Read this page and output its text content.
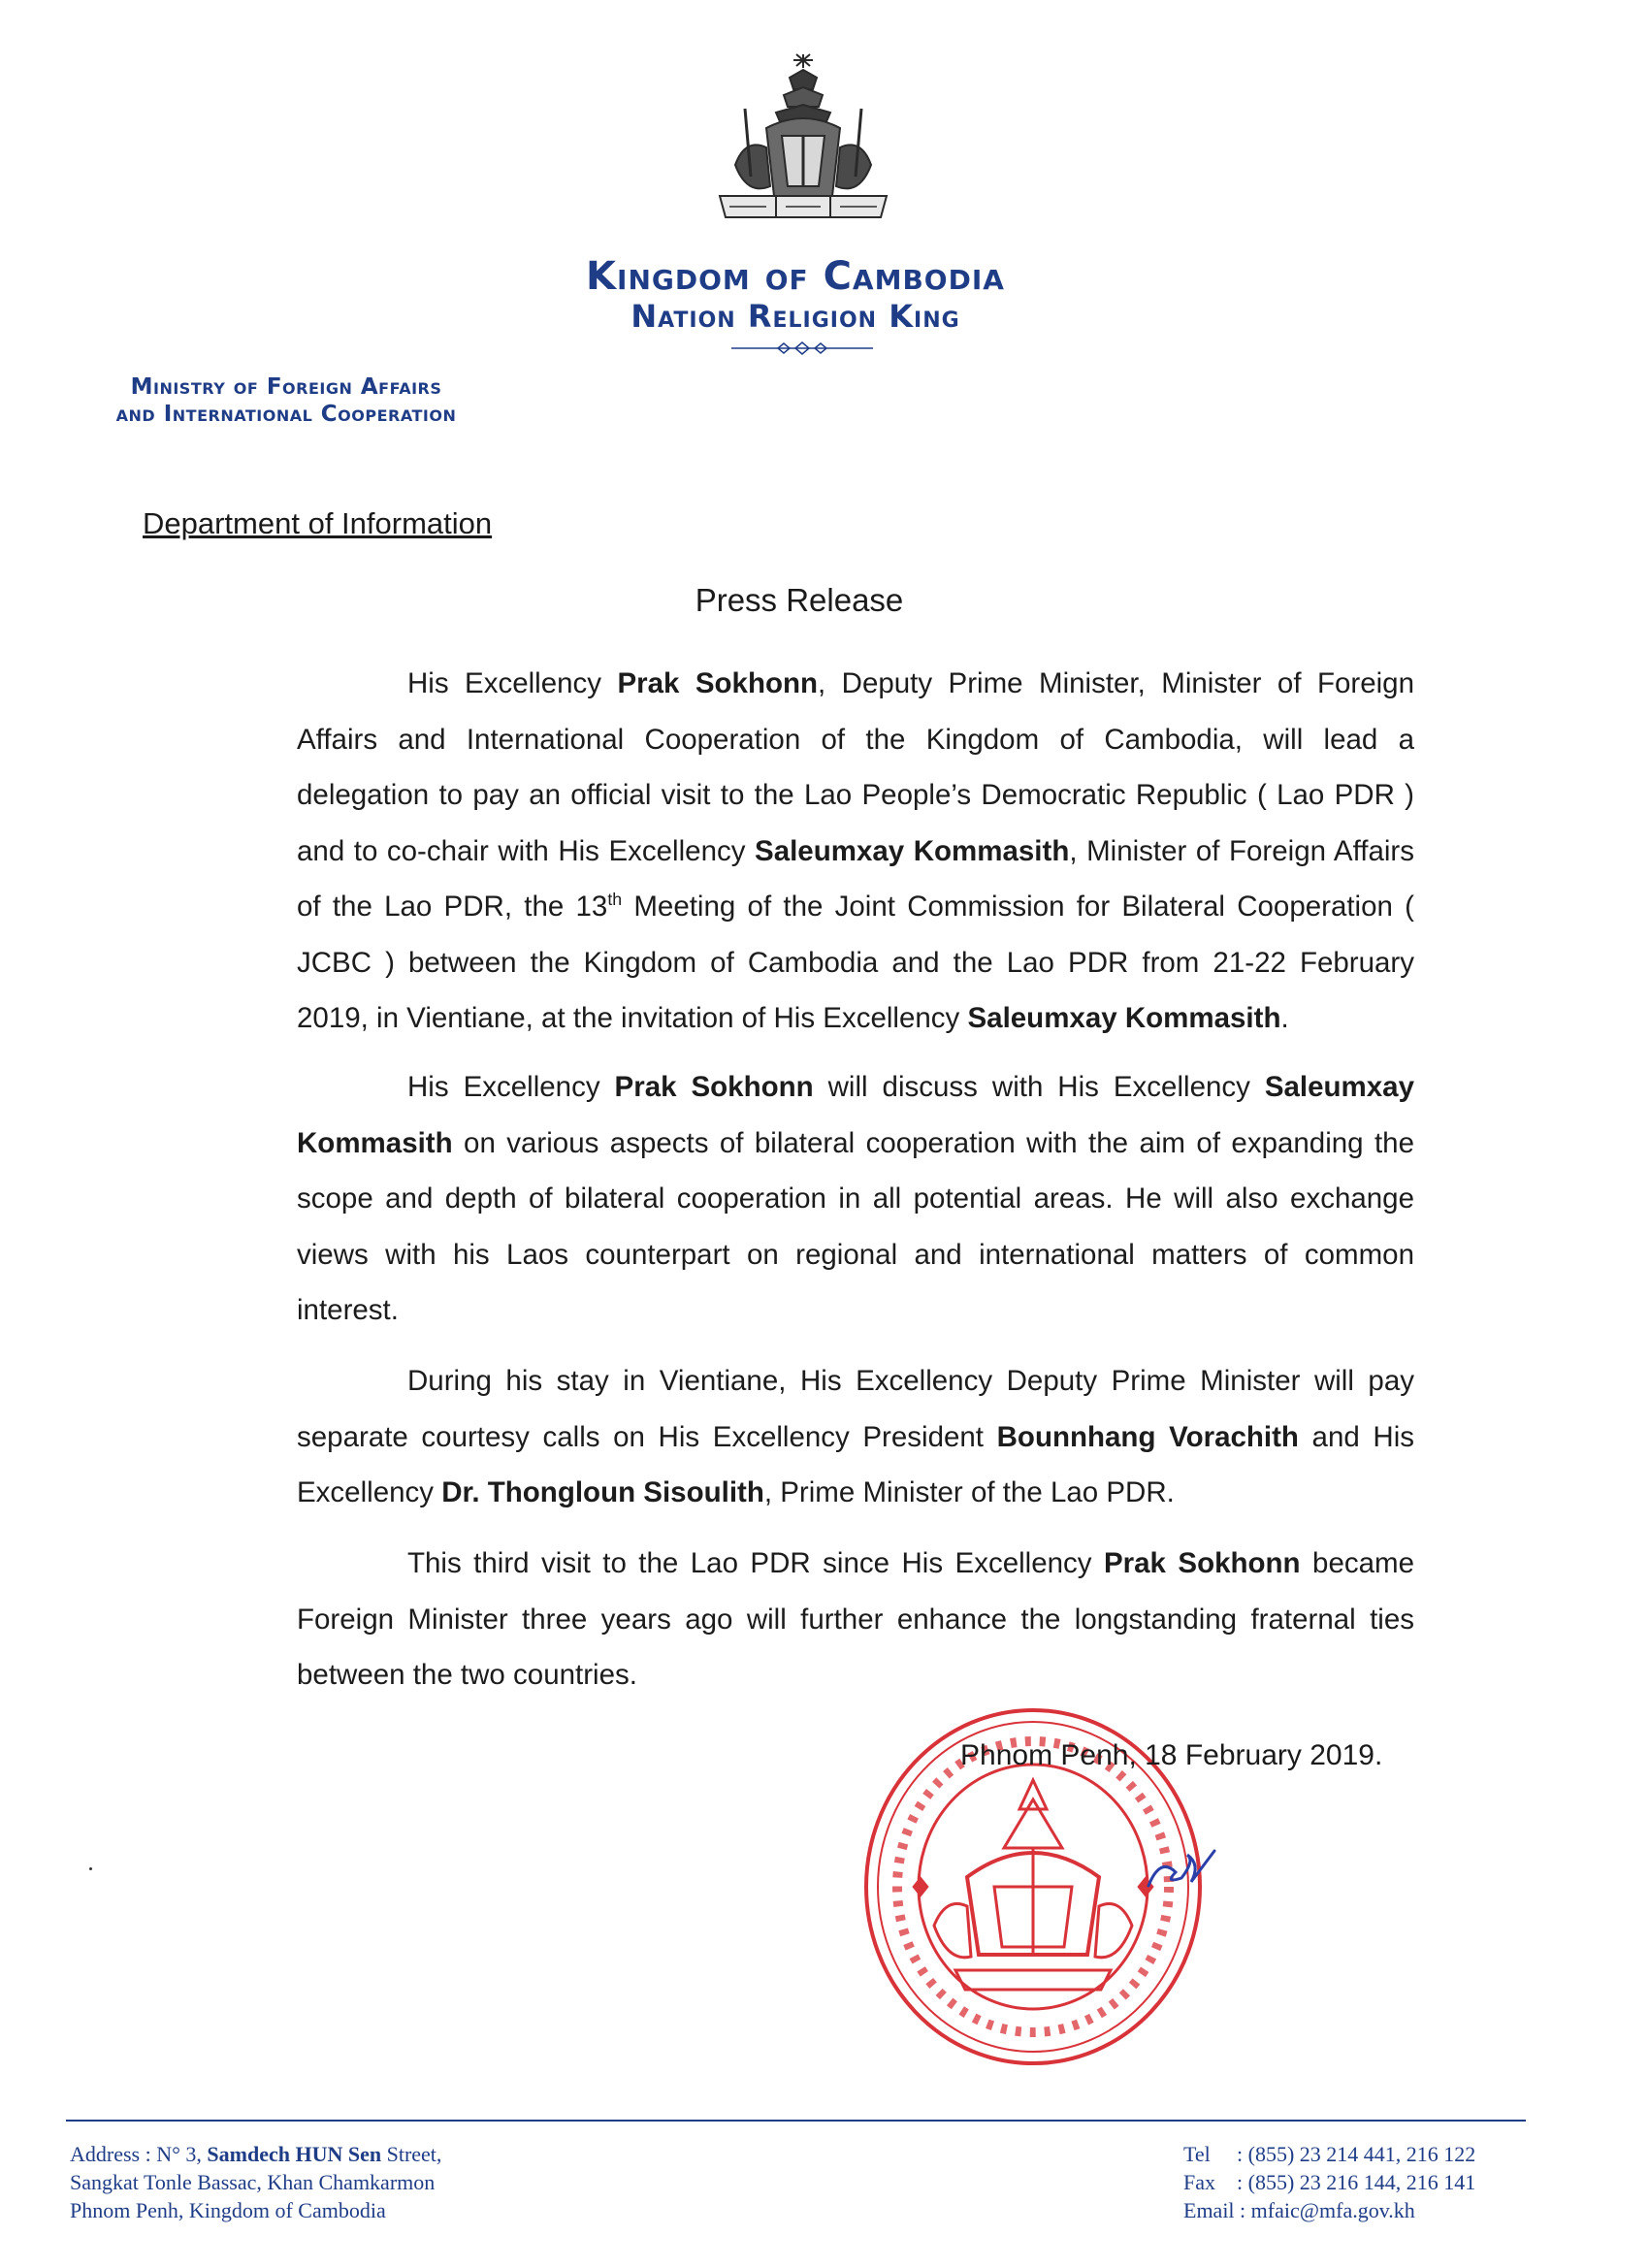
Kingdom of Cambodia
Nation Religion King
Ministry of Foreign Affairs
and International Cooperation
Department of Information
Press Release
His Excellency Prak Sokhonn, Deputy Prime Minister, Minister of Foreign Affairs and International Cooperation of the Kingdom of Cambodia, will lead a delegation to pay an official visit to the Lao People’s Democratic Republic ( Lao PDR ) and to co-chair with His Excellency Saleumxay Kommasith, Minister of Foreign Affairs of the Lao PDR, the 13th Meeting of the Joint Commission for Bilateral Cooperation ( JCBC ) between the Kingdom of Cambodia and the Lao PDR from 21-22 February 2019, in Vientiane, at the invitation of His Excellency Saleumxay Kommasith.
His Excellency Prak Sokhonn will discuss with His Excellency Saleumxay Kommasith on various aspects of bilateral cooperation with the aim of expanding the scope and depth of bilateral cooperation in all potential areas. He will also exchange views with his Laos counterpart on regional and international matters of common interest.
During his stay in Vientiane, His Excellency Deputy Prime Minister will pay separate courtesy calls on His Excellency President Bounnhang Vorachith and His Excellency Dr. Thongloun Sisoulith, Prime Minister of the Lao PDR.
This third visit to the Lao PDR since His Excellency Prak Sokhonn became Foreign Minister three years ago will further enhance the longstanding fraternal ties between the two countries.
Phnom Penh, 18 February 2019.
Address : N° 3, Samdech HUN Sen Street,
Sangkat Tonle Bassac, Khan Chamkarmon
Phnom Penh, Kingdom of Cambodia
Tel : (855) 23 214 441, 216 122
Fax : (855) 23 216 144, 216 141
Email : mfaic@mfa.gov.kh
